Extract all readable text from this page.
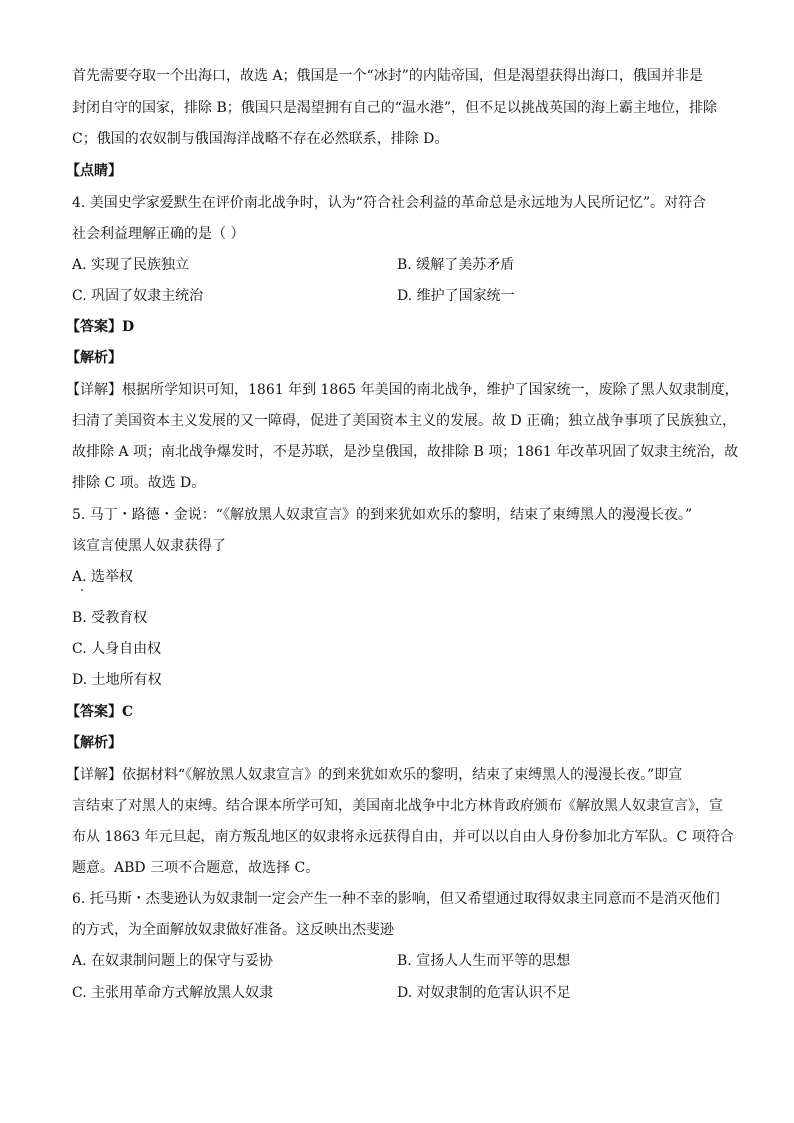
首先需要夺取一个出海口，故选 A；俄国是一个“冰封”的内陆帝国，但是渴望获得出海口，俄国并非是

封闭自守的国家，排除 B；俄国只是渴望拥有自己的“温水港”，但不足以挑战英国的海上霸主地位，排除

C；俄国的农奴制与俄国海洋战略不存在必然联系，排除 D。

【点睛】

4. 美国史学家爱默生在评价南北战争时，认为“符合社会利益的革命总是永远地为人民所记忆”。对符合

社会利益理解正确的是（ ）

A. 实现了民族独立	B. 缓解了美苏矛盾

C. 巩固了奴隶主统治	D. 维护了国家统一

【答案】D

【解析】

【详解】根据所学知识可知，1861 年到 1865 年美国的南北战争，维护了国家统一，废除了黑人奴隶制度，

扫清了美国资本主义发展的又一障碍，促进了美国资本主义的发展。故 D 正确；独立战争事项了民族独立，

故排除 A 项；南北战争爆发时，不是苏联，是沙皇俄国，故排除 B 项；1861 年改革巩固了奴隶主统治，故

排除 C 项。故选 D。

5. 马丁・路德・金说：“《解放黑人奴隶宣言》的到来犹如欢乐的黎明，结束了束缚黑人的漫漫长夜。”

该宣言使黑人奴隶获得了

A. 选举权

B. 受教育权

C. 人身自由权

D. 土地所有权

【答案】C

【解析】

【详解】依据材料“《解放黑人奴隶宣言》的到来犹如欢乐的黎明，结束了束缚黑人的漫漫长夜。”即宣

言结束了对黑人的束缚。结合课本所学可知，美国南北战争中北方林肯政府颁布《解放黑人奴隶宣言》，宣

布从 1863 年元旦起，南方叛乱地区的奴隶将永远获得自由，并可以以自由人身份参加北方军队。C 项符合

题意。ABD 三项不合题意，故选择 C。

6. 托马斯・杰斐逊认为奴隶制一定会产生一种不幸的影响，但又希望通过取得奴隶主同意而不是消灭他们

的方式，为全面解放奴隶做好准备。这反映出杰斐逊

A. 在奴隶制问题上的保守与妥协	B. 宣扬人人生而平等的思想

C. 主张用革命方式解放黑人奴隶	D. 对奴隶制的危害认识不足
